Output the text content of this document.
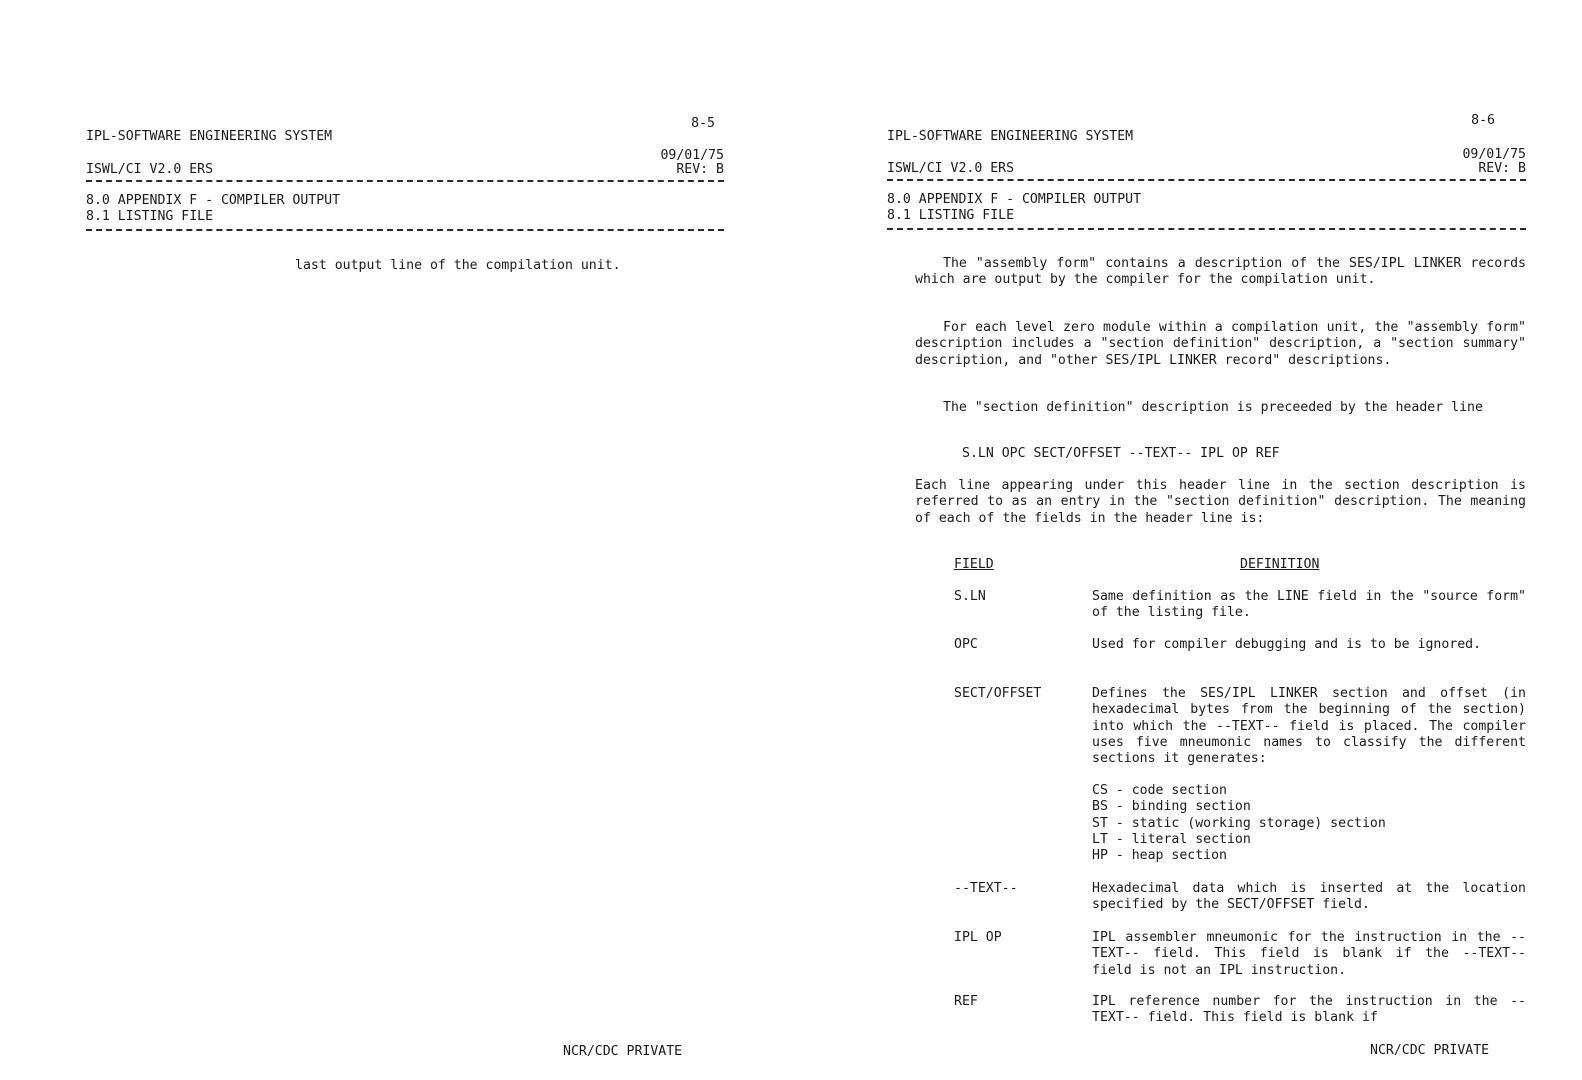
8-5
IPL-SOFTWARE ENGINEERING SYSTEM
09/01/75
ISWL/CI V2.0 ERS	REV: B
8.0 APPENDIX F - COMPILER OUTPUT
8.1 LISTING FILE
last output line of the compilation unit.
NCR/CDC PRIVATE
8-6
IPL-SOFTWARE ENGINEERING SYSTEM
09/01/75
ISWL/CI V2.0 ERS	REV: B
8.0 APPENDIX F - COMPILER OUTPUT
8.1 LISTING FILE
The "assembly form" contains a description of the SES/IPL LINKER records which are output by the compiler for the compilation unit.
For each level zero module within a compilation unit, the "assembly form" description includes a "section definition" description, a "section summary" description, and "other SES/IPL LINKER record" descriptions.
The "section definition" description is preceeded by the header line
S.LN OPC SECT/OFFSET --TEXT-- IPL OP REF
Each line appearing under this header line in the section description is referred to as an entry in the "section definition" description. The meaning of each of the fields in the header line is:
FIELD	DEFINITION
S.LN	Same definition as the LINE field in the "source form" of the listing file.
OPC	Used for compiler debugging and is to be ignored.
SECT/OFFSET	Defines the SES/IPL LINKER section and offset (in hexadecimal bytes from the beginning of the section) into which the --TEXT-- field is placed. The compiler uses five mneumonic names to classify the different sections it generates:
CS - code section
BS - binding section
ST - static (working storage) section
LT - literal section
HP - heap section
--TEXT--	Hexadecimal data which is inserted at the location specified by the SECT/OFFSET field.
IPL OP	IPL assembler mneumonic for the instruction in the --TEXT-- field. This field is blank if the --TEXT-- field is not an IPL instruction.
REF	IPL reference number for the instruction in the --TEXT-- field. This field is blank if
NCR/CDC PRIVATE
